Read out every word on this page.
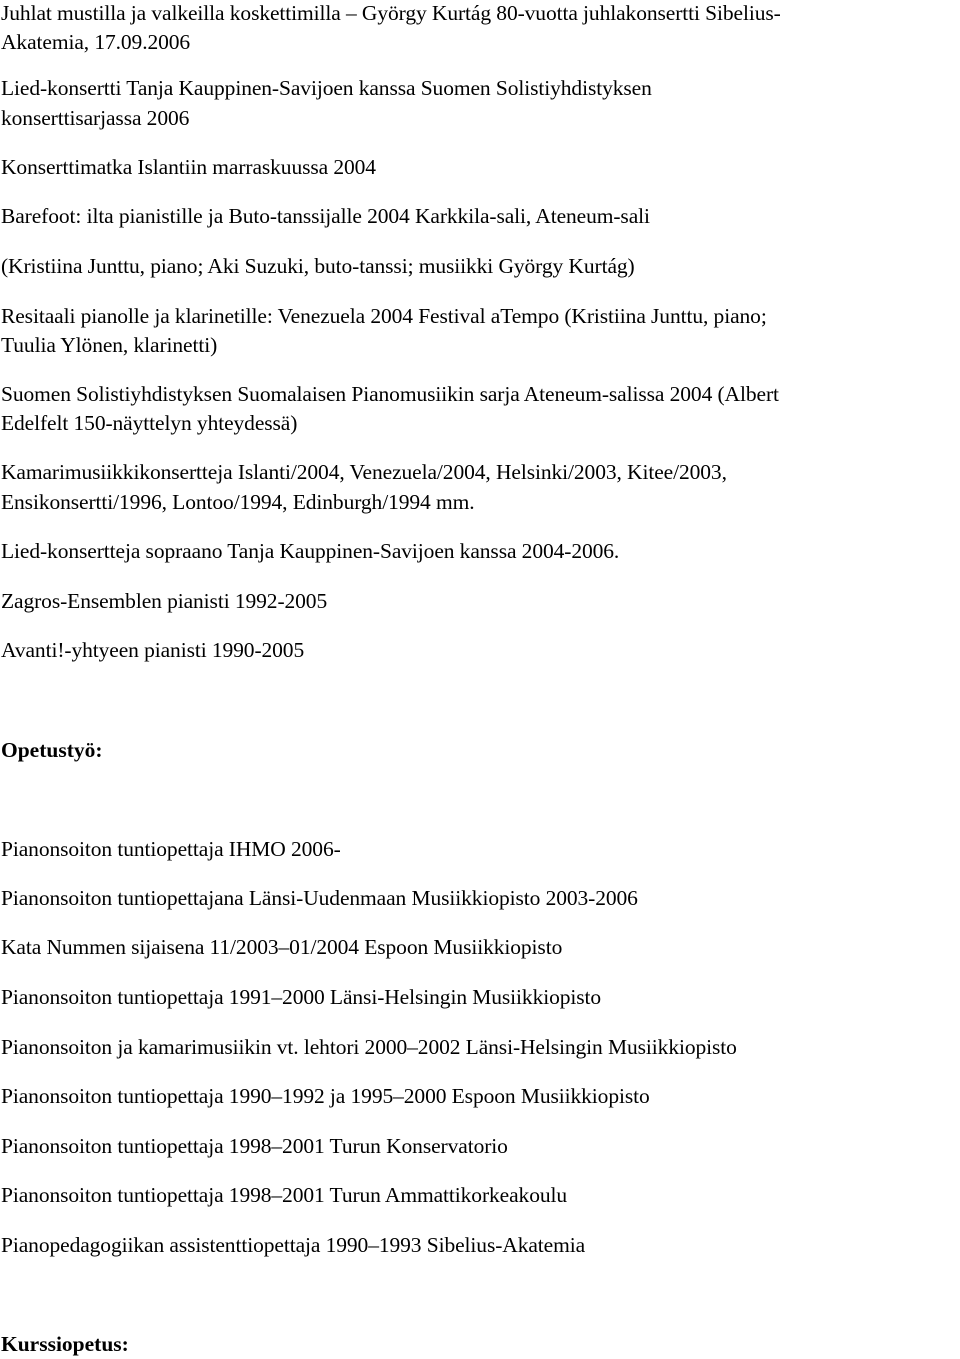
Juhlat mustilla ja valkeilla koskettimilla – György Kurtág 80-vuotta juhlakonsertti Sibelius-
Akatemia, 17.09.2006
Lied-konsertti Tanja Kauppinen-Savijoen kanssa Suomen Solistiyhdistyksen
konserttisarjassa 2006
Konserttimatka Islantiin marraskuussa 2004
Barefoot: ilta pianistille ja Buto-tanssijalle 2004 Karkkila-sali, Ateneum-sali
(Kristiina Junttu, piano; Aki Suzuki, buto-tanssi; musiikki György Kurtág)
Resitaali pianolle ja klarinetille: Venezuela 2004 Festival aTempo (Kristiina Junttu, piano;
Tuulia Ylönen, klarinetti)
Suomen Solistiyhdistyksen Suomalaisen Pianomusiikin sarja Ateneum-salissa 2004 (Albert
Edelfelt 150-näyttelyn yhteydessä)
Kamarimusiikkikonsertteja Islanti/2004, Venezuela/2004, Helsinki/2003, Kitee/2003,
Ensikonsertti/1996, Lontoo/1994, Edinburgh/1994 mm.
Lied-konsertteja sopraano Tanja Kauppinen-Savijoen kanssa 2004-2006.
Zagros-Ensemblen pianisti 1992-2005
Avanti!-yhtyeen pianisti 1990-2005
Opetustyö:
Pianonsoiton tuntiopettaja IHMO 2006-
Pianonsoiton tuntiopettajana Länsi-Uudenmaan Musiikkiopisto 2003-2006
Kata Nummen sijaisena 11/2003–01/2004 Espoon Musiikkiopisto
Pianonsoiton tuntiopettaja 1991–2000 Länsi-Helsingin Musiikkiopisto
Pianonsoiton ja kamarimusiikin vt. lehtori 2000–2002 Länsi-Helsingin Musiikkiopisto
Pianonsoiton tuntiopettaja 1990–1992 ja 1995–2000 Espoon Musiikkiopisto
Pianonsoiton tuntiopettaja 1998–2001 Turun Konservatorio
Pianonsoiton tuntiopettaja 1998–2001 Turun Ammattikorkeakoulu
Pianopedagogiikan assistenttiopettaja 1990–1993 Sibelius-Akatemia
Kurssiopetus:
